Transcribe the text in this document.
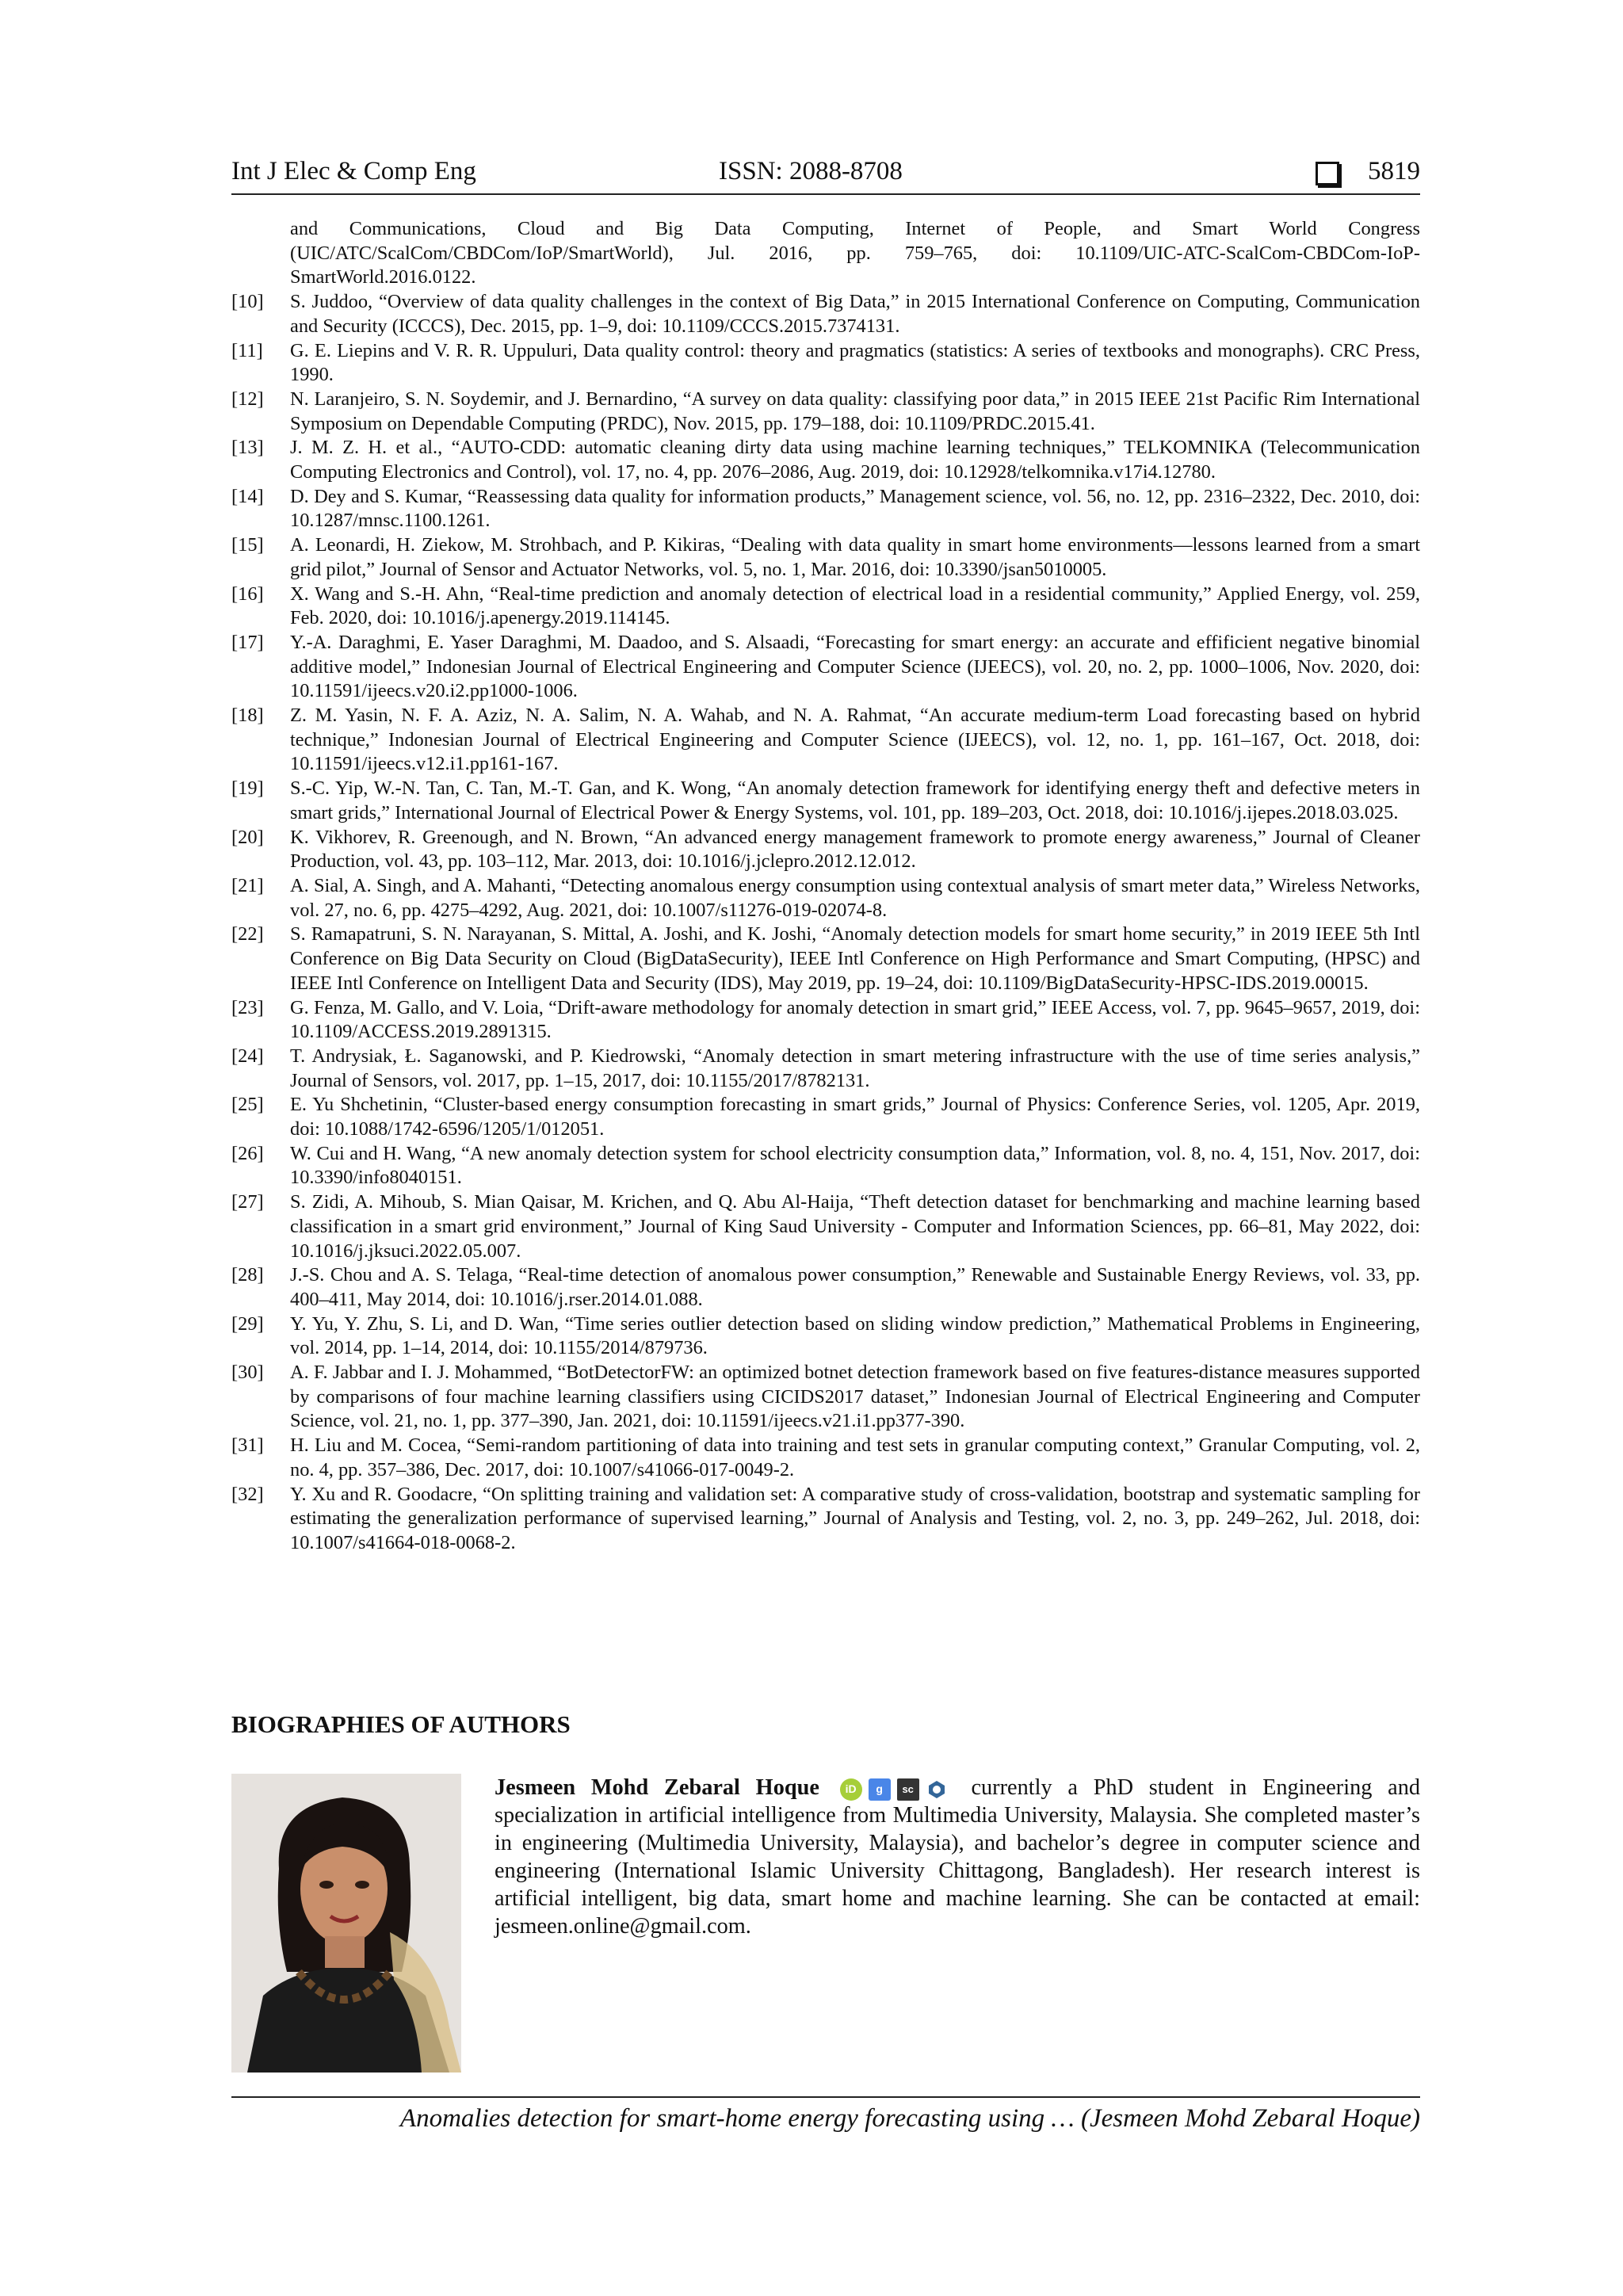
Int J Elec & Comp Eng	ISSN: 2088-8708	5819
and Communications, Cloud and Big Data Computing, Internet of People, and Smart World Congress (UIC/ATC/ScalCom/CBDCom/IoP/SmartWorld), Jul. 2016, pp. 759–765, doi: 10.1109/UIC-ATC-ScalCom-CBDCom-IoP-SmartWorld.2016.0122.
[10]	S. Juddoo, “Overview of data quality challenges in the context of Big Data,” in 2015 International Conference on Computing, Communication and Security (ICCCS), Dec. 2015, pp. 1–9, doi: 10.1109/CCCS.2015.7374131.
[11]	G. E. Liepins and V. R. R. Uppuluri, Data quality control: theory and pragmatics (statistics: A series of textbooks and monographs). CRC Press, 1990.
[12]	N. Laranjeiro, S. N. Soydemir, and J. Bernardino, “A survey on data quality: classifying poor data,” in 2015 IEEE 21st Pacific Rim International Symposium on Dependable Computing (PRDC), Nov. 2015, pp. 179–188, doi: 10.1109/PRDC.2015.41.
[13]	J. M. Z. H. et al., “AUTO-CDD: automatic cleaning dirty data using machine learning techniques,” TELKOMNIKA (Telecommunication Computing Electronics and Control), vol. 17, no. 4, pp. 2076–2086, Aug. 2019, doi: 10.12928/telkomnika.v17i4.12780.
[14]	D. Dey and S. Kumar, “Reassessing data quality for information products,” Management science, vol. 56, no. 12, pp. 2316–2322, Dec. 2010, doi: 10.1287/mnsc.1100.1261.
[15]	A. Leonardi, H. Ziekow, M. Strohbach, and P. Kikiras, “Dealing with data quality in smart home environments—lessons learned from a smart grid pilot,” Journal of Sensor and Actuator Networks, vol. 5, no. 1, Mar. 2016, doi: 10.3390/jsan5010005.
[16]	X. Wang and S.-H. Ahn, “Real-time prediction and anomaly detection of electrical load in a residential community,” Applied Energy, vol. 259, Feb. 2020, doi: 10.1016/j.apenergy.2019.114145.
[17]	Y.-A. Daraghmi, E. Yaser Daraghmi, M. Daadoo, and S. Alsaadi, “Forecasting for smart energy: an accurate and effificient negative binomial additive model,” Indonesian Journal of Electrical Engineering and Computer Science (IJEECS), vol. 20, no. 2, pp. 1000–1006, Nov. 2020, doi: 10.11591/ijeecs.v20.i2.pp1000-1006.
[18]	Z. M. Yasin, N. F. A. Aziz, N. A. Salim, N. A. Wahab, and N. A. Rahmat, “An accurate medium-term Load forecasting based on hybrid technique,” Indonesian Journal of Electrical Engineering and Computer Science (IJEECS), vol. 12, no. 1, pp. 161–167, Oct. 2018, doi: 10.11591/ijeecs.v12.i1.pp161-167.
[19]	S.-C. Yip, W.-N. Tan, C. Tan, M.-T. Gan, and K. Wong, “An anomaly detection framework for identifying energy theft and defective meters in smart grids,” International Journal of Electrical Power & Energy Systems, vol. 101, pp. 189–203, Oct. 2018, doi: 10.1016/j.ijepes.2018.03.025.
[20]	K. Vikhorev, R. Greenough, and N. Brown, “An advanced energy management framework to promote energy awareness,” Journal of Cleaner Production, vol. 43, pp. 103–112, Mar. 2013, doi: 10.1016/j.jclepro.2012.12.012.
[21]	A. Sial, A. Singh, and A. Mahanti, “Detecting anomalous energy consumption using contextual analysis of smart meter data,” Wireless Networks, vol. 27, no. 6, pp. 4275–4292, Aug. 2021, doi: 10.1007/s11276-019-02074-8.
[22]	S. Ramapatruni, S. N. Narayanan, S. Mittal, A. Joshi, and K. Joshi, “Anomaly detection models for smart home security,” in 2019 IEEE 5th Intl Conference on Big Data Security on Cloud (BigDataSecurity), IEEE Intl Conference on High Performance and Smart Computing, (HPSC) and IEEE Intl Conference on Intelligent Data and Security (IDS), May 2019, pp. 19–24, doi: 10.1109/BigDataSecurity-HPSC-IDS.2019.00015.
[23]	G. Fenza, M. Gallo, and V. Loia, “Drift-aware methodology for anomaly detection in smart grid,” IEEE Access, vol. 7, pp. 9645–9657, 2019, doi: 10.1109/ACCESS.2019.2891315.
[24]	T. Andrysiak, Ł. Saganowski, and P. Kiedrowski, “Anomaly detection in smart metering infrastructure with the use of time series analysis,” Journal of Sensors, vol. 2017, pp. 1–15, 2017, doi: 10.1155/2017/8782131.
[25]	E. Yu Shchetinin, “Cluster-based energy consumption forecasting in smart grids,” Journal of Physics: Conference Series, vol. 1205, Apr. 2019, doi: 10.1088/1742-6596/1205/1/012051.
[26]	W. Cui and H. Wang, “A new anomaly detection system for school electricity consumption data,” Information, vol. 8, no. 4, 151, Nov. 2017, doi: 10.3390/info8040151.
[27]	S. Zidi, A. Mihoub, S. Mian Qaisar, M. Krichen, and Q. Abu Al-Haija, “Theft detection dataset for benchmarking and machine learning based classification in a smart grid environment,” Journal of King Saud University - Computer and Information Sciences, pp. 66–81, May 2022, doi: 10.1016/j.jksuci.2022.05.007.
[28]	J.-S. Chou and A. S. Telaga, “Real-time detection of anomalous power consumption,” Renewable and Sustainable Energy Reviews, vol. 33, pp. 400–411, May 2014, doi: 10.1016/j.rser.2014.01.088.
[29]	Y. Yu, Y. Zhu, S. Li, and D. Wan, “Time series outlier detection based on sliding window prediction,” Mathematical Problems in Engineering, vol. 2014, pp. 1–14, 2014, doi: 10.1155/2014/879736.
[30]	A. F. Jabbar and I. J. Mohammed, “BotDetectorFW: an optimized botnet detection framework based on five features-distance measures supported by comparisons of four machine learning classifiers using CICIDS2017 dataset,” Indonesian Journal of Electrical Engineering and Computer Science, vol. 21, no. 1, pp. 377–390, Jan. 2021, doi: 10.11591/ijeecs.v21.i1.pp377-390.
[31]	H. Liu and M. Cocea, “Semi-random partitioning of data into training and test sets in granular computing context,” Granular Computing, vol. 2, no. 4, pp. 357–386, Dec. 2017, doi: 10.1007/s41066-017-0049-2.
[32]	Y. Xu and R. Goodacre, “On splitting training and validation set: A comparative study of cross-validation, bootstrap and systematic sampling for estimating the generalization performance of supervised learning,” Journal of Analysis and Testing, vol. 2, no. 3, pp. 249–262, Jul. 2018, doi: 10.1007/s41664-018-0068-2.
BIOGRAPHIES OF AUTHORS
Jesmeen Mohd Zebaral Hoque	iD	g	sc	currently a PhD student in Engineering and specialization in artificial intelligence from Multimedia University, Malaysia. She completed master’s in engineering (Multimedia University, Malaysia), and bachelor’s degree in computer science and engineering (International Islamic University Chittagong, Bangladesh). Her research interest is artificial intelligent, big data, smart home and machine learning. She can be contacted at email: jesmeen.online@gmail.com.
Anomalies detection for smart-home energy forecasting using … (Jesmeen Mohd Zebaral Hoque)
